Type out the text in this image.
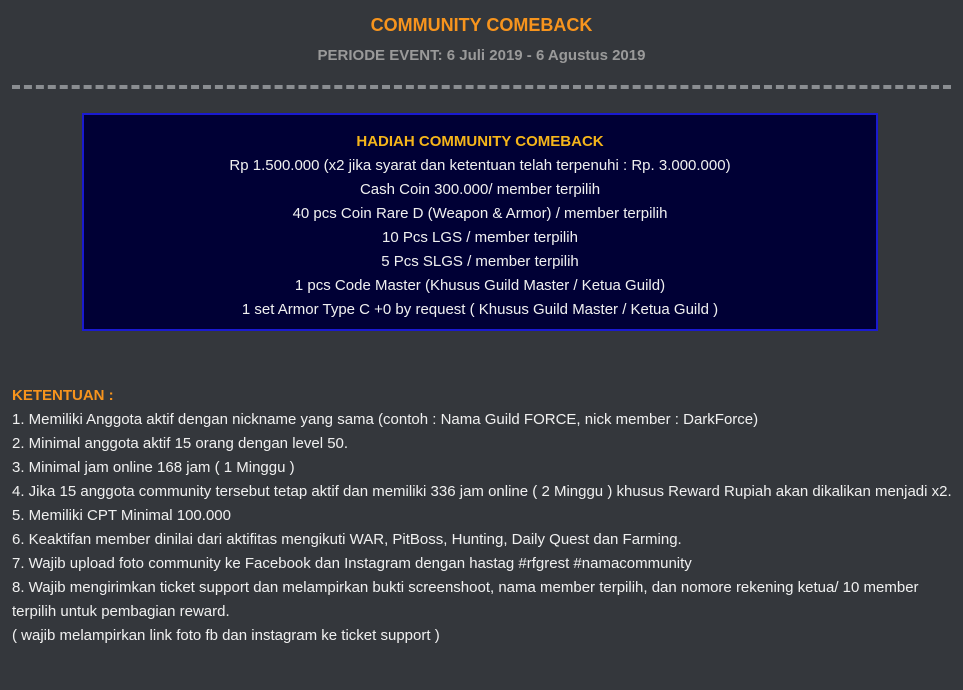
COMMUNITY COMEBACK
PERIODE EVENT: 6 Juli 2019 - 6 Agustus 2019

HADIAH COMMUNITY COMEBACK

Rp 1.500.000 (x2 jika syarat dan ketentuan telah terpenuhi : Rp. 3.000.000)

Cash Coin 300.000/ member terpilih

40 pcs Coin Rare D (Weapon & Armor) / member terpilih

10 Pcs LGS / member terpilih

5 Pcs SLGS / member terpilih

1 pcs Code Master (Khusus Guild Master / Ketua Guild)

1 set Armor Type C +0 by request ( Khusus Guild Master / Ketua Guild )

KETENTUAN :
1. Memiliki Anggota aktif dengan nickname yang sama (contoh : Nama Guild FORCE, nick member : DarkForce)
2. Minimal anggota aktif 15 orang dengan level 50.
3. Minimal jam online 168 jam ( 1 Minggu )
4. Jika 15 anggota community tersebut tetap aktif dan memiliki 336 jam online ( 2 Minggu ) khusus Reward Rupiah akan dikalikan menjadi x2.
5. Memiliki CPT Minimal 100.000
6. Keaktifan member dinilai dari aktifitas mengikuti WAR, PitBoss, Hunting, Daily Quest dan Farming.
7. Wajib upload foto community ke Facebook dan Instagram dengan hastag #rfgrest #namacommunity
8. Wajib mengirimkan ticket support dan melampirkan bukti screenshoot, nama member terpilih, dan nomore rekening ketua/ 10 member terpilih untuk pembagian reward.
( wajib melampirkan link foto fb dan instagram ke ticket support )
